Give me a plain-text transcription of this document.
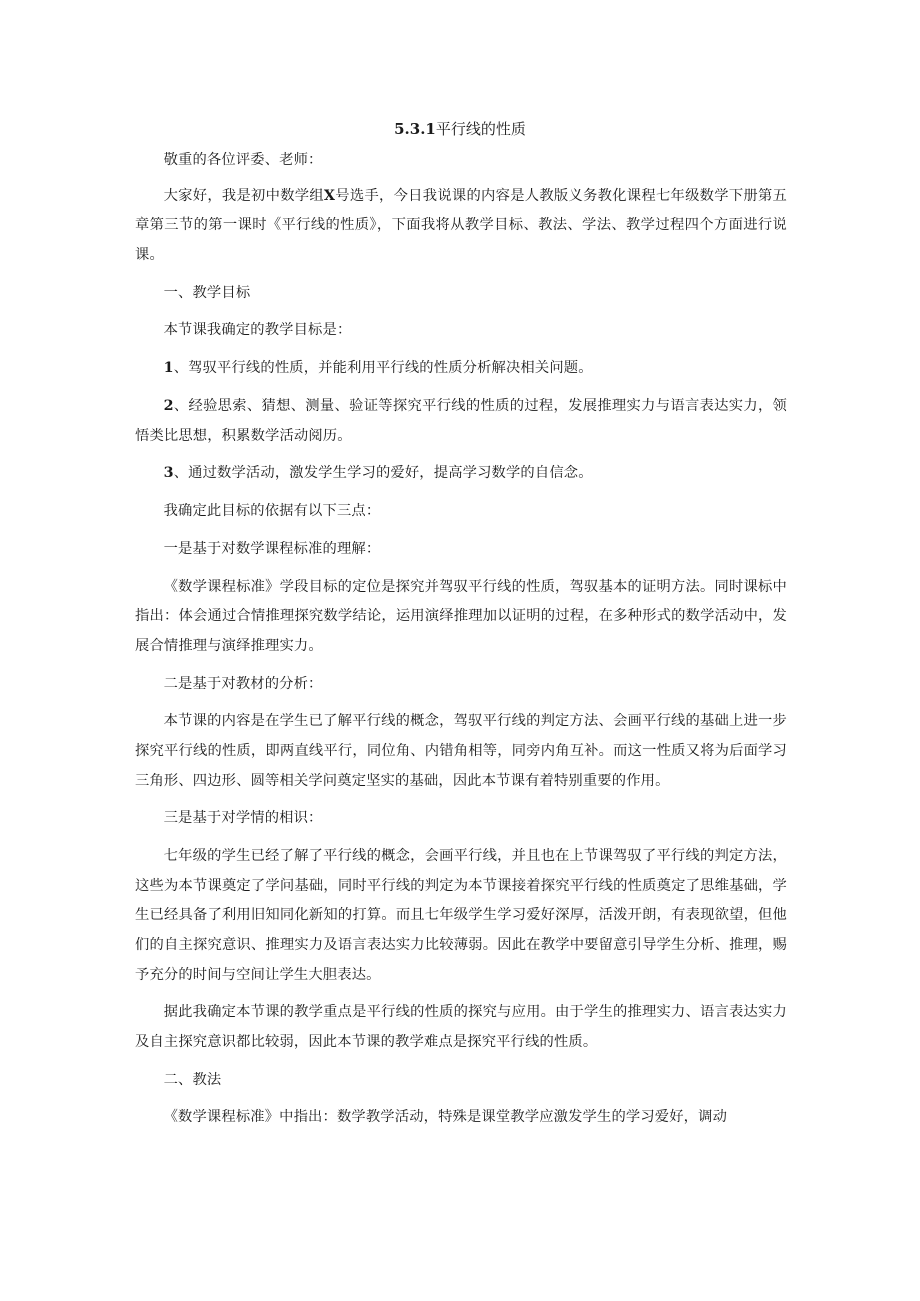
5.3.1平行线的性质

敬重的各位评委、老师：

大家好，我是初中数学组X号选手，今日我说课的内容是人教版义务教化课程七年级数学下册第五章第三节的第一课时《平行线的性质》，下面我将从教学目标、教法、学法、教学过程四个方面进行说课。

一、教学目标

本节课我确定的教学目标是：

1、驾驭平行线的性质，并能利用平行线的性质分析解决相关问题。

2、经验思索、猜想、测量、验证等探究平行线的性质的过程，发展推理实力与语言表达实力，领悟类比思想，积累数学活动阅历。

3、通过数学活动，激发学生学习的爱好，提高学习数学的自信念。

我确定此目标的依据有以下三点：

一是基于对数学课程标准的理解：

《数学课程标准》学段目标的定位是探究并驾驭平行线的性质，驾驭基本的证明方法。同时课标中指出：体会通过合情推理探究数学结论，运用演绎推理加以证明的过程，在多种形式的数学活动中，发展合情推理与演绎推理实力。

二是基于对教材的分析：

本节课的内容是在学生已了解平行线的概念，驾驭平行线的判定方法、会画平行线的基础上进一步探究平行线的性质，即两直线平行，同位角、内错角相等，同旁内角互补。而这一性质又将为后面学习三角形、四边形、圆等相关学问奠定坚实的基础，因此本节课有着特别重要的作用。

三是基于对学情的相识：

七年级的学生已经了解了平行线的概念，会画平行线，并且也在上节课驾驭了平行线的判定方法，这些为本节课奠定了学问基础，同时平行线的判定为本节课接着探究平行线的性质奠定了思维基础，学生已经具备了利用旧知同化新知的打算。而且七年级学生学习爱好深厚，活泼开朗，有表现欲望，但他们的自主探究意识、推理实力及语言表达实力比较薄弱。因此在教学中要留意引导学生分析、推理，赐予充分的时间与空间让学生大胆表达。

据此我确定本节课的教学重点是平行线的性质的探究与应用。由于学生的推理实力、语言表达实力及自主探究意识都比较弱，因此本节课的教学难点是探究平行线的性质。

二、教法

《数学课程标准》中指出：数学教学活动，特殊是课堂教学应激发学生的学习爱好，调动
